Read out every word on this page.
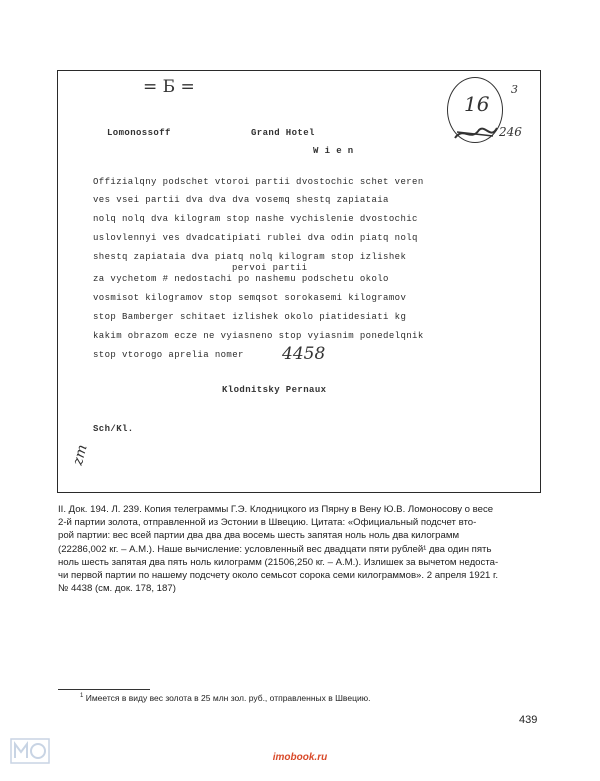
= Б =
16
3
246
Lomonossoff	Grand Hotel
W i e n
Offizialqny podschet vtoroi partii dvostochic schet veren
ves vsei partii dva dva dva vosemq shestq zapiataia
nolq nolq dva kilogram stop nashe vychislenie dvostochic
uslovlennyi ves dvadcatipiati rublei dva odin piatq nolq
shestq zapiataia dva piatq nolq kilogram stop izlishek
pervoi partii
za vychetom # nedostachi po nashemu podschetu okolo
vosmisot kilogramov stop semqsot sorokasemi kilogramov
stop Bamberger schitaet izlishek okolo piatidesiati kg
kakim obrazom ecze ne vyiasneno stop vyiasnim ponedelqnik
stop vtorogo aprelia nomer 4458
Klodnitsky Pernaux
Sch/Kl.
zm
II. Док. 194. Л. 239. Копия телеграммы Г.Э. Клодницкого из Пярну в Вену Ю.В. Ломоносову о весе
2-й партии золота, отправленной из Эстонии в Швецию. Цитата: «Официальный подсчет вто-
рой партии: вес всей партии два два два восемь шесть запятая ноль ноль два килограмм
(22286,002 кг. – А.М.). Наше вычисление: условленный вес двадцати пяти рублей¹ два один пять
ноль шесть запятая два пять ноль килограмм (21506,250 кг. – А.М.). Излишек за вычетом недоста-
чи первой партии по нашему подсчету около семьсот сорока семи килограммов». 2 апреля 1921 г.
№ 4438 (см. док. 178, 187)
$^1$ Имеется в виду вес золота в 25 млн зол. руб., отправленных в Швецию.
439
imobook.ru
